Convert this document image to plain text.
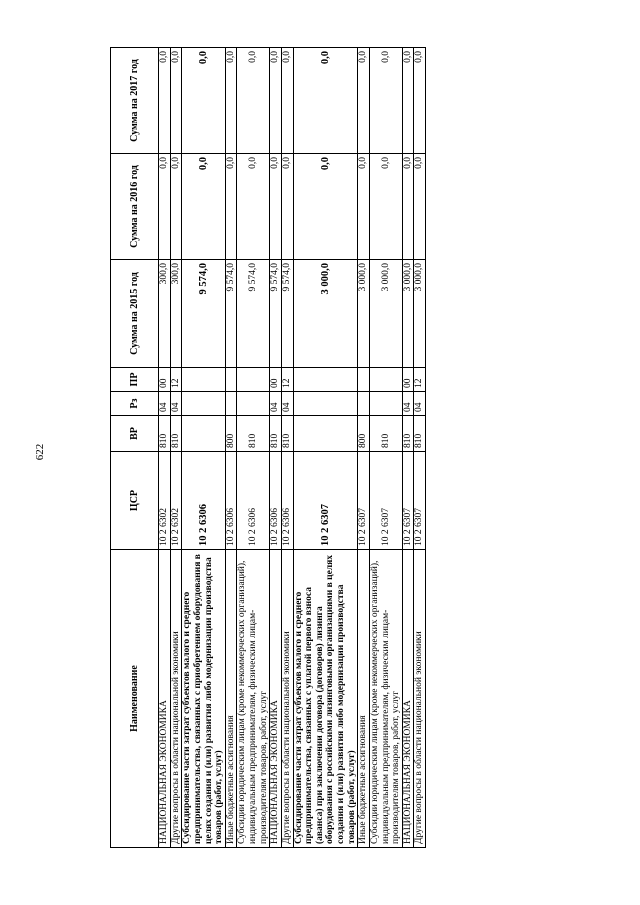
622
Наименование	ЦСР	ВР	Рз	ПР	Сумма на 2015 год	Сумма на 2016 год	Сумма на 2017 год
НАЦИОНАЛЬНАЯ ЭКОНОМИКА	10 2 6302	810	04	00	300,0	0,0	0,0
Другие вопросы в области национальной экономики	10 2 6302	810	04	12	300,0	0,0	0,0
Субсидирование части затрат субъектов малого и среднего предпринимательства, связанных с приобретением оборудования в целях создания и (или) развития либо модернизации производства товаров (работ, услуг)	10 2 6306				9 574,0	0,0	0,0
Иные бюджетные ассигнования	10 2 6306	800			9 574,0	0,0	0,0
Субсидии юридическим лицам (кроме некоммерческих организаций), индивидуальным предпринимателям, физическим лицам-производителям товаров, работ, услуг	10 2 6306	810			9 574,0	0,0	0,0
НАЦИОНАЛЬНАЯ ЭКОНОМИКА	10 2 6306	810	04	00	9 574,0	0,0	0,0
Другие вопросы в области национальной экономики	10 2 6306	810	04	12	9 574,0	0,0	0,0
Субсидирование части затрат субъектов малого и среднего предпринимательства, связанных с уплатой первого взноса (аванса) при заключении договора (договоров) лизинга оборудования с российскими лизинговыми организациями в целях создания и (или) развития либо модернизации производства товаров (работ, услуг)	10 2 6307				3 000,0	0,0	0,0
Иные бюджетные ассигнования	10 2 6307	800			3 000,0	0,0	0,0
Субсидии юридическим лицам (кроме некоммерческих организаций), индивидуальным предпринимателям, физическим лицам-производителям товаров, работ, услуг	10 2 6307	810			3 000,0	0,0	0,0
НАЦИОНАЛЬНАЯ ЭКОНОМИКА	10 2 6307	810	04	00	3 000,0	0,0	0,0
Другие вопросы в области национальной экономики	10 2 6307	810	04	12	3 000,0	0,0	0,0
